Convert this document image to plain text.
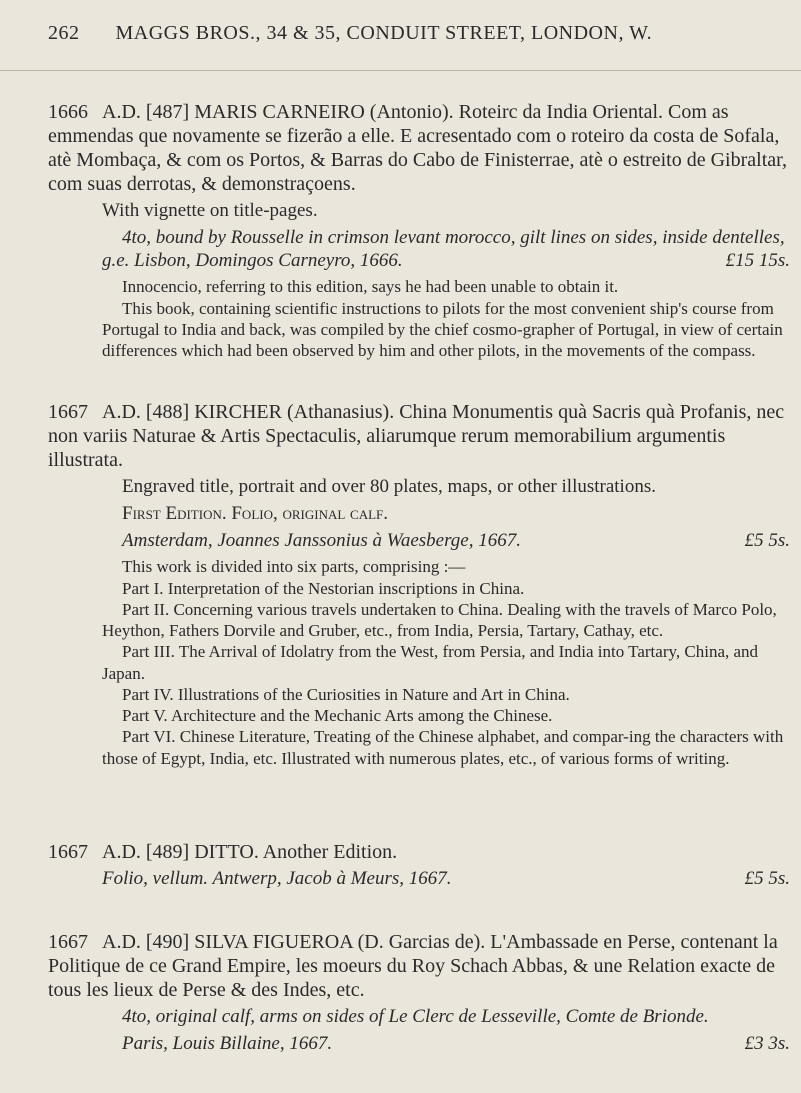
262 MAGGS BROS., 34 & 35, CONDUIT STREET, LONDON, W.
1666 A.D. [487] MARIS CARNEIRO (Antonio). Roteirc da India Oriental. Com as emmendas que novamente se fizerão a elle. E acresentado com o roteiro da costa de Sofala, atè Mombaça, & com os Portos, & Barras do Cabo de Finisterrae, atè o estreito de Gibraltar, com suas derrotas, & demonstraçoens.
With vignette on title-pages.
4to, bound by Rousselle in crimson levant morocco, gilt lines on sides, inside dentelles, g.e. Lisbon, Domingos Carneyro, 1666.	£15 15s.
Innocencio, referring to this edition, says he had been unable to obtain it.
This book, containing scientific instructions to pilots for the most convenient ship's course from Portugal to India and back, was compiled by the chief cosmo-grapher of Portugal, in view of certain differences which had been observed by him and other pilots, in the movements of the compass.
1667 A.D. [488] KIRCHER (Athanasius). China Monumentis quà Sacris quà Profanis, nec non variis Naturae & Artis Spectaculis, aliarumque rerum memorabilium argumentis illustrata.
Engraved title, portrait and over 80 plates, maps, or other illustrations.
First Edition. Folio, original calf.
Amsterdam, Joannes Janssonius à Waesberge, 1667.	£5 5s.
This work is divided into six parts, comprising :—
Part I. Interpretation of the Nestorian inscriptions in China.
Part II. Concerning various travels undertaken to China. Dealing with the travels of Marco Polo, Heython, Fathers Dorvile and Gruber, etc., from India, Persia, Tartary, Cathay, etc.
Part III. The Arrival of Idolatry from the West, from Persia, and India into Tartary, China, and Japan.
Part IV. Illustrations of the Curiosities in Nature and Art in China.
Part V. Architecture and the Mechanic Arts among the Chinese.
Part VI. Chinese Literature, Treating of the Chinese alphabet, and compar-ing the characters with those of Egypt, India, etc. Illustrated with numerous plates, etc., of various forms of writing.
1667 A.D. [489] DITTO. Another Edition.
Folio, vellum. Antwerp, Jacob à Meurs, 1667.	£5 5s.
1667 A.D. [490] SILVA FIGUEROA (D. Garcias de). L'Ambassade en Perse, contenant la Politique de ce Grand Empire, les moeurs du Roy Schach Abbas, & une Relation exacte de tous les lieux de Perse & des Indes, etc.
4to, original calf, arms on sides of Le Clerc de Lesseville, Comte de Brionde.
Paris, Louis Billaine, 1667.	£3 3s.
